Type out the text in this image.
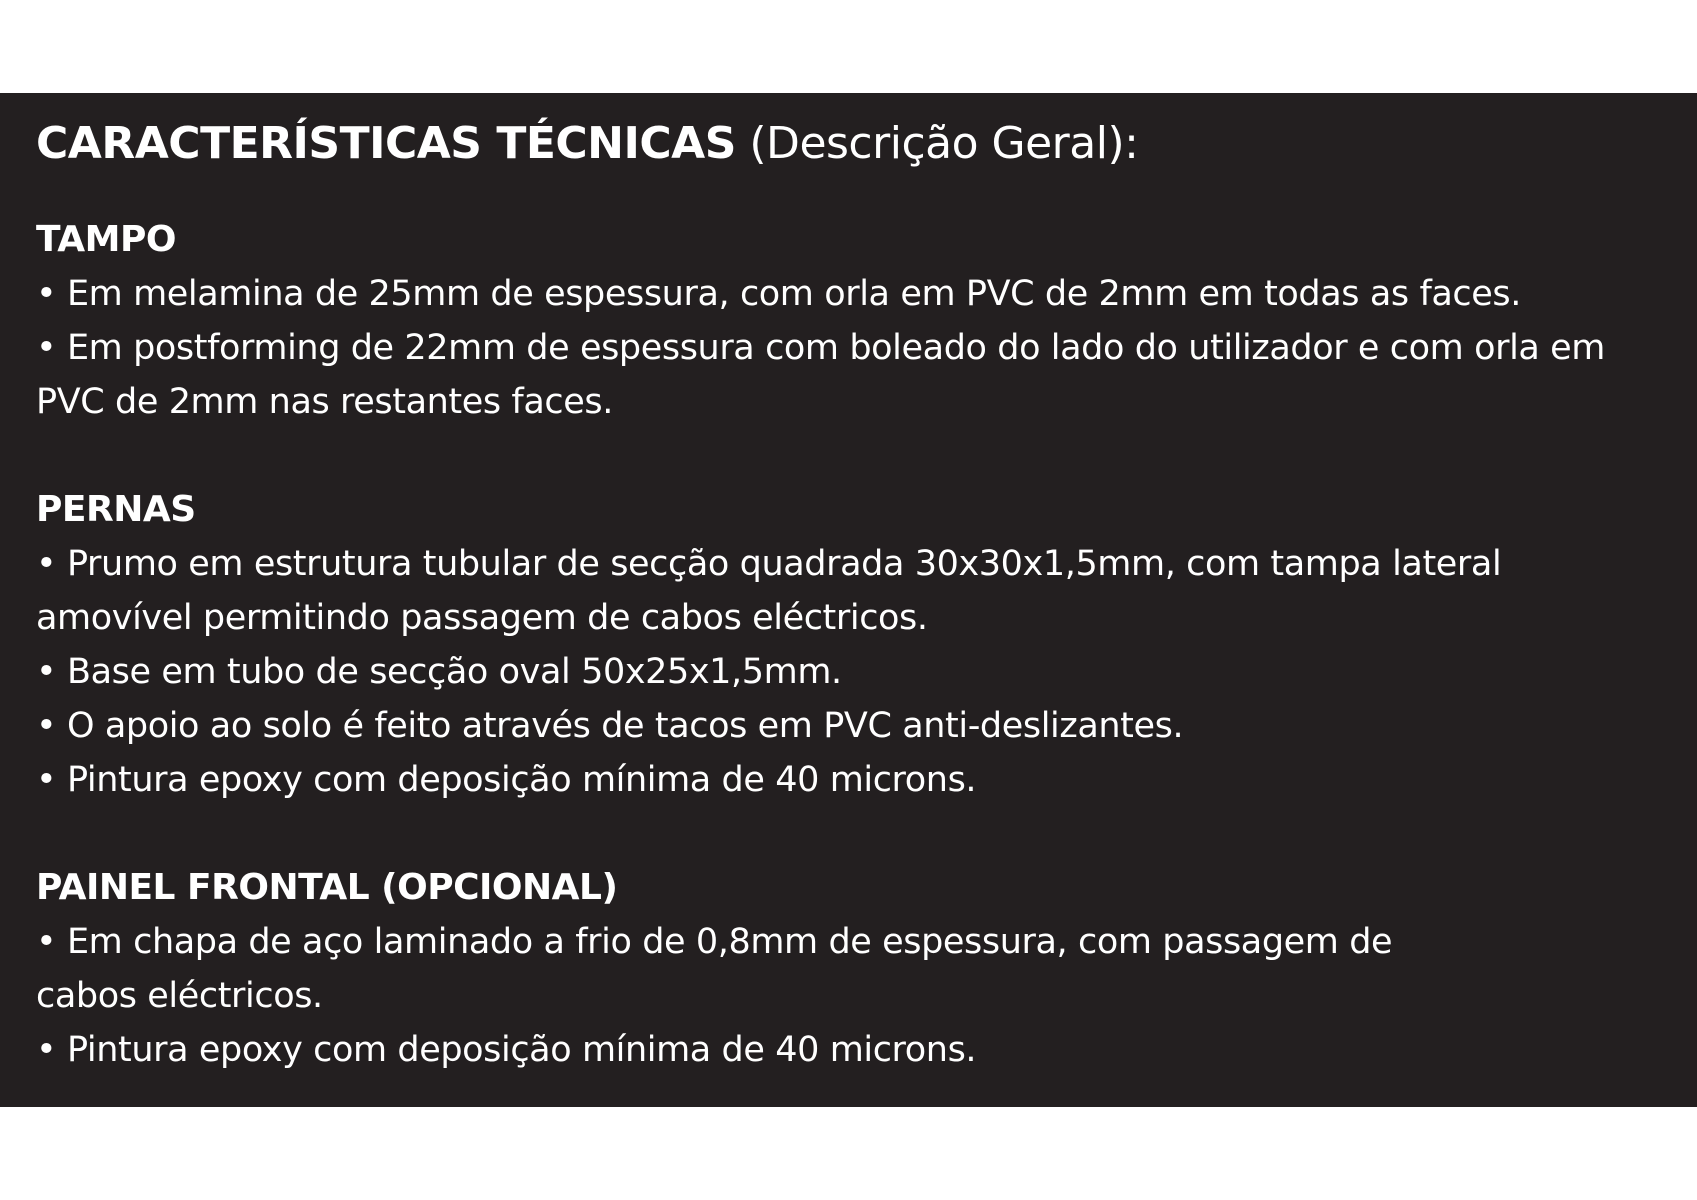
CARACTERÍSTICAS TÉCNICAS (Descrição Geral):

TAMPO

• Em melamina de 25mm de espessura, com orla em PVC de 2mm em todas as faces.

• Em postforming de 22mm de espessura com boleado do lado do utilizador e com orla em

PVC de 2mm nas restantes faces.

PERNAS

• Prumo em estrutura tubular de secção quadrada 30x30x1,5mm, com tampa lateral

amovível permitindo passagem de cabos eléctricos.

• Base em tubo de secção oval 50x25x1,5mm.

• O apoio ao solo é feito através de tacos em PVC anti-deslizantes.

• Pintura epoxy com deposição mínima de 40 microns.

PAINEL FRONTAL (OPCIONAL)

• Em chapa de aço laminado a frio de 0,8mm de espessura, com passagem de

cabos eléctricos.

• Pintura epoxy com deposição mínima de 40 microns.
